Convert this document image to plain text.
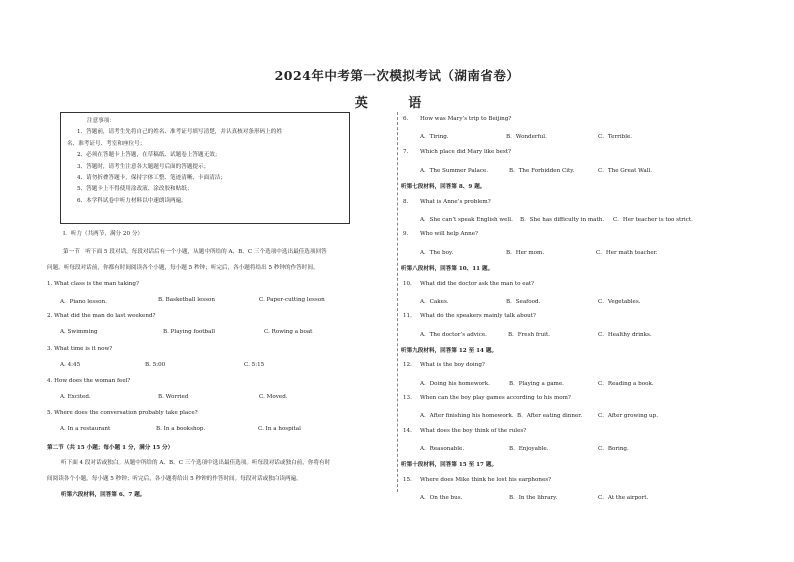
2024年中考第一次模拟考试（湖南省卷）
英 语
注意事项：
1、答题前，请考生先将自己的姓名、准考证号填写清楚，并认真核对条形码上的姓
名、准考证号、考室和座位号；
2、必须在答题卡上答题，在草稿纸、试题卷上答题无效；
3、答题时，请考生注意各大题题号后面的答题提示；
4、请勿折叠答题卡，保持字体工整、笔迹清晰、卡面清洁；
5、答题卡上不得使用涂改液、涂改胶和贴纸；
6、本学科试卷中听力材料以中速朗读两遍。
I．听力（共两节，满分 20 分）
第一节　听下面 5 段对话，每段对话后有一个小题，从题中所给的 A、B、C 三个选项中选出最佳选项回答
问题。听每段对话前，你都有时间阅读各个小题，每小题 5 秒钟；听完后，各小题将给出 5 秒钟的作答时间。
1. What class is the man taking?
A．Piano lesson.	B. Basketball lesson	C. Paper-cutting lesson
2. What did the man do last weekend?
A. Swimming	B. Playing football	C. Rowing a boat
3. What time is it now?
A. 4:45	B. 5:00	C. 5:15
4. How does the woman feel?
A. Excited.	B. Worried	C. Moved.
5. Where does the conversation probably take place?
A. In a restaurant	B. In a bookshop.	C. In a hospital
第二节（共 15 小题；每小题 1 分，满分 15 分）
听下面 4 段对话或独白。从题中所给的 A、B、C 三个选项中选出最佳选项。听每段对话或独白前，你将有时
间阅读各个小题，每小题 5 秒钟；听完后，各小题将给出 5 秒钟的作答时间。每段对话或独白读两遍。
听第六段材料，回答第 6、7 题。
6. How was Mary’s trip to Beijing?
A．Tiring.	B．Wonderful.	C．Terrible.
7. Which place did Mary like best?
A．The Summer Palace.	B．The Forbidden City.	C．The Great Wall.
听第七段材料，回答第 8、9 题。
8. What is Anne’s problem?
A．She can’t speak English well. B．She has difficulty in math. C．Her teacher is too strict.
9. Who will help Anne?
A．The boy.	B．Her mom.	C．Her math teacher.
听第八段材料，回答第 10、11 题。
10. What did the doctor ask the man to eat?
A．Cakes.	B．Seafood.	C．Vegetables.
11. What do the speakers mainly talk about?
A．The doctor’s advice.	B．Fresh fruit.	C．Healthy drinks.
听第九段材料，回答第 12 至 14 题。
12. What is the boy doing?
A．Doing his homework.	B．Playing a game.	C．Reading a book.
13. When can the boy play games according to his mom?
A．After finishing his homework. B．After eating dinner.	C．After growing up.
14. What does the boy think of the rules?
A．Reasonable.	B．Enjoyable.	C．Boring.
听第十段材料，回答第 15 至 17 题。
15. Where does Mike think he lost his earphones?
A．On the bus.	B．In the library.	C．At the airport.
